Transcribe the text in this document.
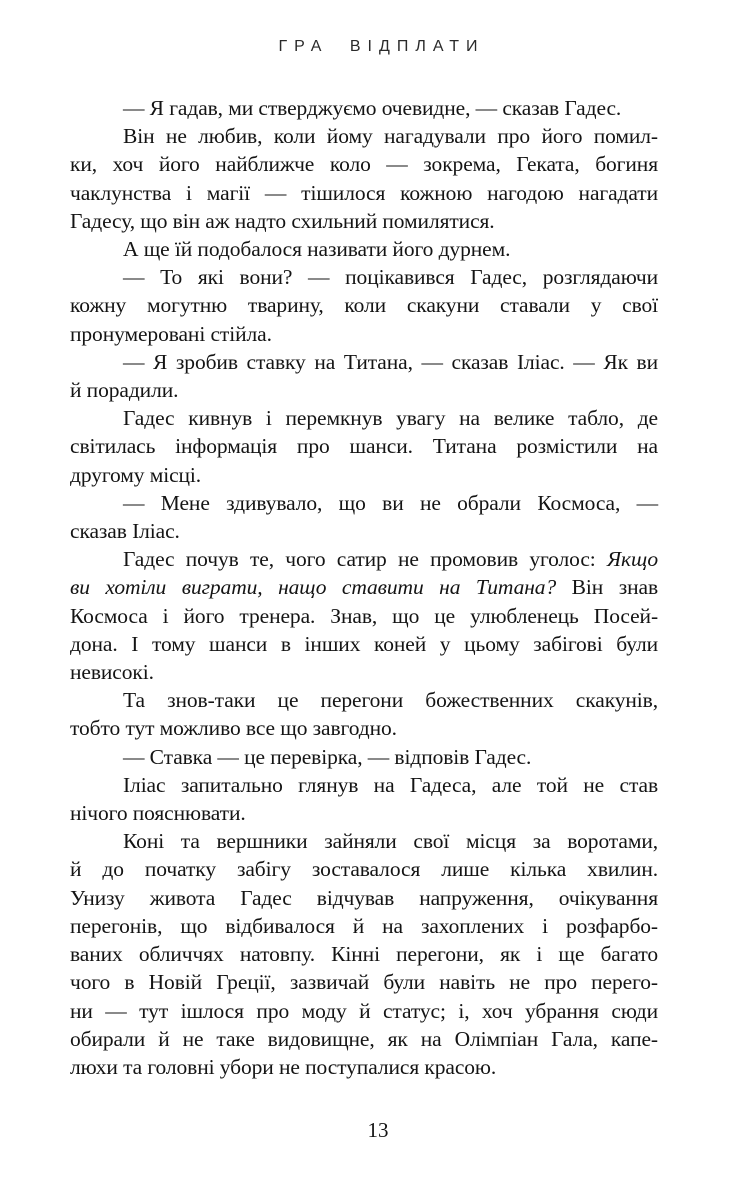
ГРА ВІДПЛАТИ

— Я гадав, ми стверджуємо очевидне, — сказав Гадес.

Він не любив, коли йому нагадували про його помил-
ки, хоч його найближче коло — зокрема, Геката, богиня
чаклунства і магії — тішилося кожною нагодою нагадати
Гадесу, що він аж надто схильний помилятися.

А ще їй подобалося називати його дурнем.

— То які вони? — поцікавився Гадес, розглядаючи
кожну могутню тварину, коли скакуни ставали у свої
пронумеровані стійла.

— Я зробив ставку на Титана, — сказав Іліас. — Як ви
й порадили.

Гадес кивнув і перемкнув увагу на велике табло, де
світилась інформація про шанси. Титана розмістили на
другому місці.

— Мене здивувало, що ви не обрали Космоса, —
сказав Іліас.

Гадес почув те, чого сатир не промовив уголос: Якщо
ви хотіли виграти, нащо ставити на Титана? Він знав
Космоса і його тренера. Знав, що це улюбленець Посей-
дона. І тому шанси в інших коней у цьому забігові були
невисокі.

Та знов-таки це перегони божественних скакунів,
тобто тут можливо все що завгодно.

— Ставка — це перевірка, — відповів Гадес.

Іліас запитально глянув на Гадеса, але той не став
нічого пояснювати.

Коні та вершники зайняли свої місця за воротами,
й до початку забігу зоставалося лише кілька хвилин.
Унизу живота Гадес відчував напруження, очікування
перегонів, що відбивалося й на захоплених і розфарбо-
ваних обличчях натовпу. Кінні перегони, як і ще багато
чого в Новій Греції, зазвичай були навіть не про перего-
ни — тут ішлося про моду й статус; і, хоч убрання сюди
обирали й не таке видовищне, як на Олімпіан Гала, капе-
люхи та головні убори не поступалися красою.

13
